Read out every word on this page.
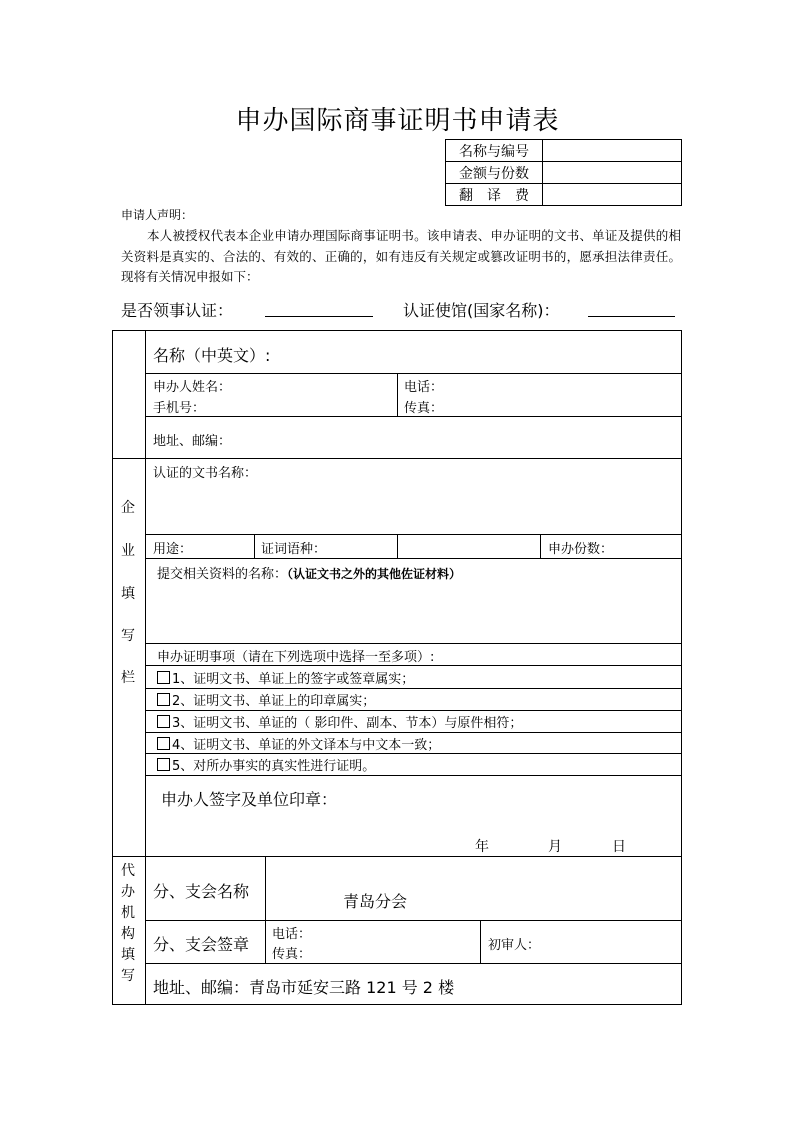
申办国际商事证明书申请表
名称与编号	
金额与份数	
翻　译　费	
申请人声明：
本人被授权代表本企业申请办理国际商事证明书。该申请表、申办证明的文书、单证及提供的相关资料是真实的、合法的、有效的、正确的，如有违反有关规定或篡改证明书的，愿承担法律责任。现将有关情况申报如下：
是否领事认证：	认证使馆(国家名称)：
企
业
填
写
栏
名称（中英文）:
申办人姓名：
手机号：
电话：
传真：
地址、邮编：
认证的文书名称：
用途：	证词语种：	申办份数：
提交相关资料的名称：（认证文书之外的其他佐证材料）
申办证明事项（请在下列选项中选择一至多项）:
1、证明文书、单证上的签字或签章属实；
2、证明文书、单证上的印章属实；
3、证明文书、单证的（ 影印件、副本、节本）与原件相符；
4、证明文书、单证的外文译本与中文本一致；
5、对所办事实的真实性进行证明。
申办人签字及单位印章：
年	月	日
代
办
机
构
填
写
分、支会名称
青岛分会
分、支会签章
电话：
传真：
初审人：
地址、邮编：青岛市延安三路 121 号 2 楼
